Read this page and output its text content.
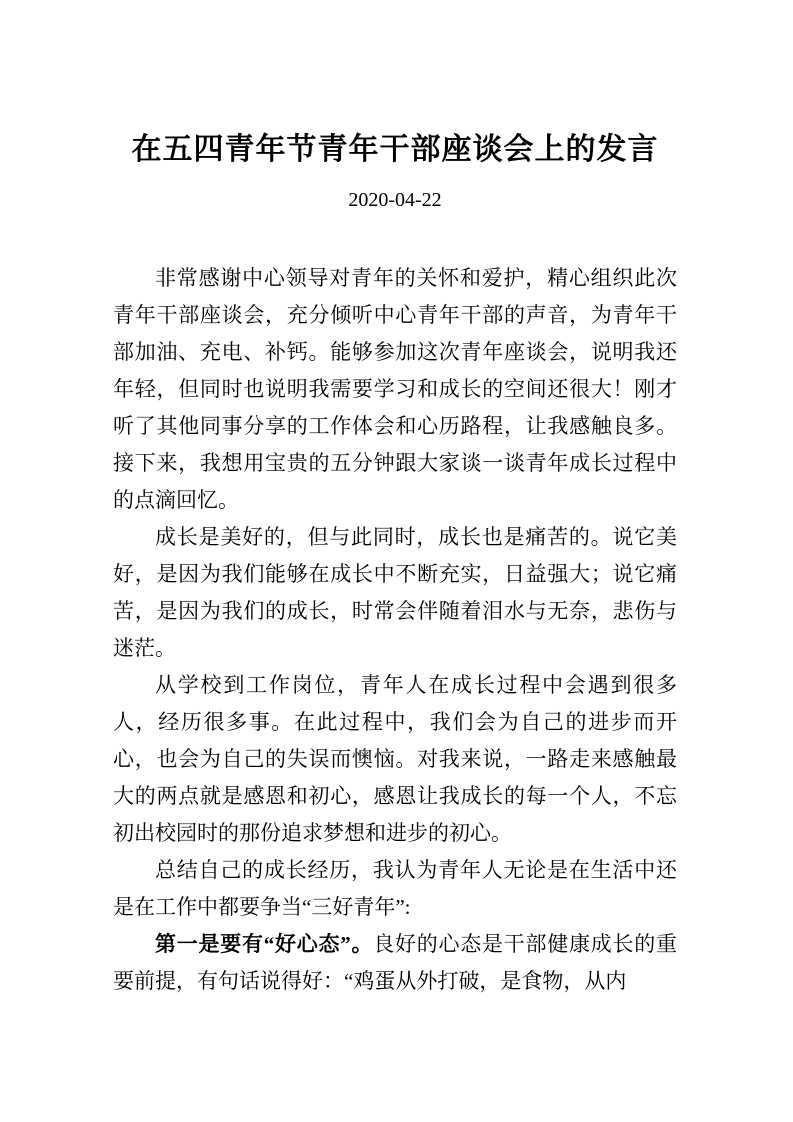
在五四青年节青年干部座谈会上的发言
2020-04-22

非常感谢中心领导对青年的关怀和爱护，精心组织此次青年干部座谈会，充分倾听中心青年干部的声音，为青年干部加油、充电、补钙。能够参加这次青年座谈会，说明我还年轻，但同时也说明我需要学习和成长的空间还很大！刚才听了其他同事分享的工作体会和心历路程，让我感触良多。接下来，我想用宝贵的五分钟跟大家谈一谈青年成长过程中的点滴回忆。

成长是美好的，但与此同时，成长也是痛苦的。说它美好，是因为我们能够在成长中不断充实，日益强大；说它痛苦，是因为我们的成长，时常会伴随着泪水与无奈，悲伤与迷茫。

从学校到工作岗位，青年人在成长过程中会遇到很多人，经历很多事。在此过程中，我们会为自己的进步而开心，也会为自己的失误而懊恼。对我来说，一路走来感触最大的两点就是感恩和初心，感恩让我成长的每一个人，不忘初出校园时的那份追求梦想和进步的初心。

总结自己的成长经历，我认为青年人无论是在生活中还是在工作中都要争当“三好青年”:

第一是要有“好心态”。良好的心态是干部健康成长的重要前提，有句话说得好：“鸡蛋从外打破，是食物，从内
